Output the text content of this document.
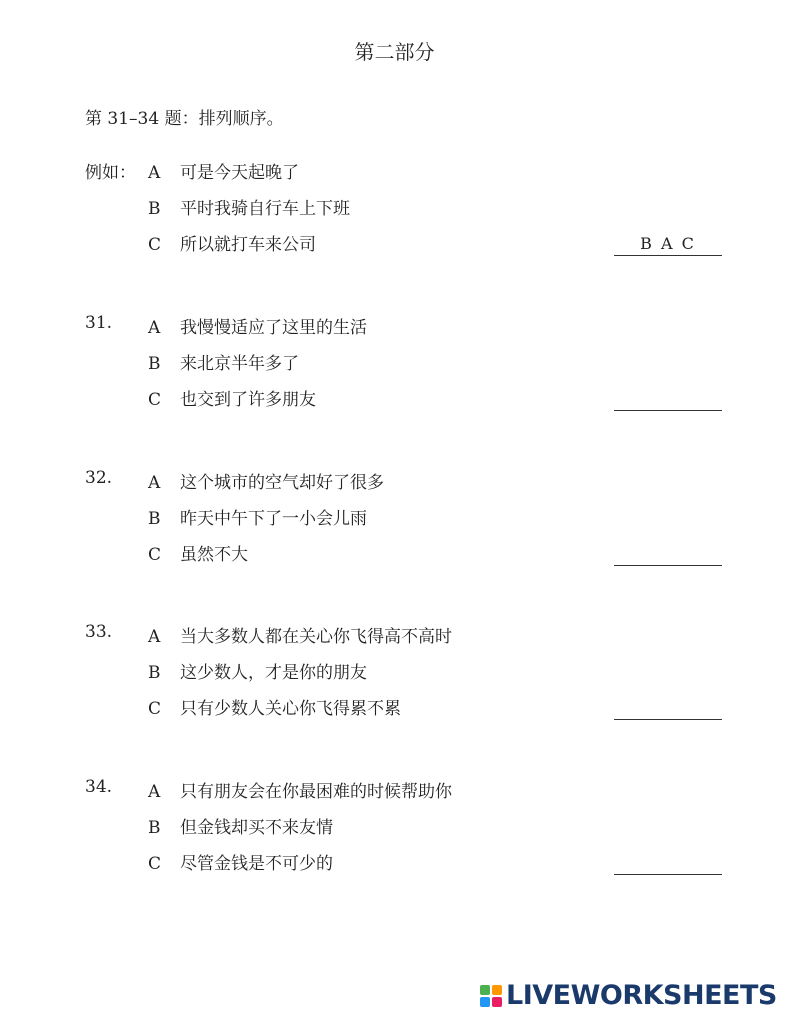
第二部分
第 31–34 题：排列顺序。
例如： A 可是今天起晚了
B 平时我骑自行车上下班
C 所以就打车来公司	B A C
31. A 我慢慢适应了这里的生活
B 来北京半年多了
C 也交到了许多朋友
32. A 这个城市的空气却好了很多
B 昨天中午下了一小会儿雨
C 虽然不大
33. A 当大多数人都在关心你飞得高不高时
B 这少数人，才是你的朋友
C 只有少数人关心你飞得累不累
34. A 只有朋友会在你最困难的时候帮助你
B 但金钱却买不来友情
C 尽管金钱是不可少的
LIVEWORKSHEETS
